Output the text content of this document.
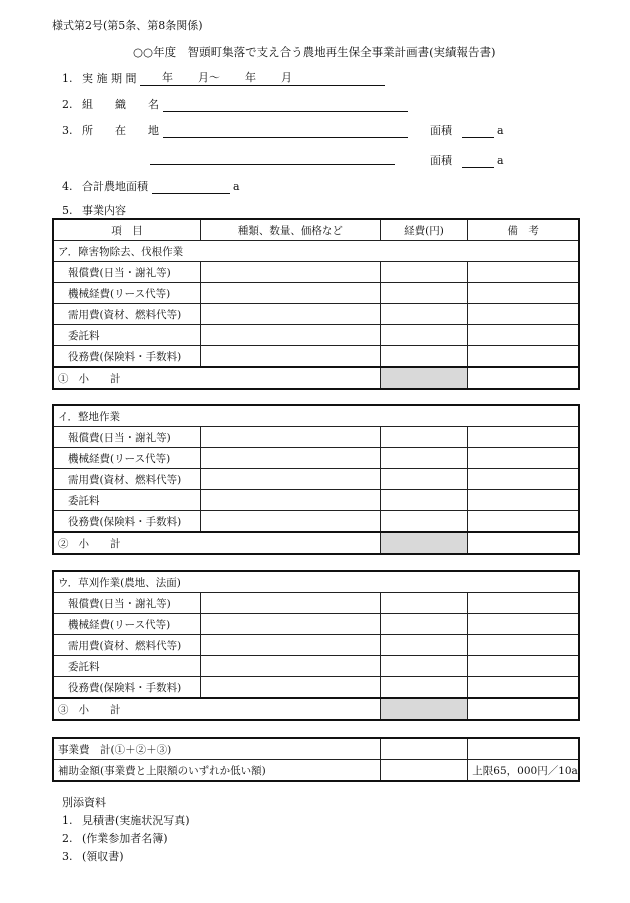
様式第2号(第5条、第8条関係)
○○年度　智頭町集落で支え合う農地再生保全事業計画書(実績報告書)
1. 実 施 期 間 年 月～ 年 月
2. 組　　織　　名
3. 所　　在　　地	面積	a
面積	a
4. 合計農地面積	a
5. 事業内容
項　目	種類、数量、価格など	経費(円)	備　考
ア．障害物除去、伐根作業			
報償費(日当・謝礼等)			
機械経費(リース代等)			
需用費(資材、燃料代等)			
委託料			
役務費(保険料・手数料)			
① 小　　計			
イ．整地作業			
報償費(日当・謝礼等)			
機械経費(リース代等)			
需用費(資材、燃料代等)			
委託料			
役務費(保険料・手数料)			
② 小　　計			
ウ．草刈作業(農地、法面)			
報償費(日当・謝礼等)			
機械経費(リース代等)			
需用費(資材、燃料代等)			
委託料			
役務費(保険料・手数料)			
③ 小　　計			
事業費　計(①＋②＋③)		
補助金額(事業費と上限額のいずれか低い額)		上限65，000円／10a
別添資料
1. 見積書(実施状況写真)
2. (作業参加者名簿)
3. (領収書)
